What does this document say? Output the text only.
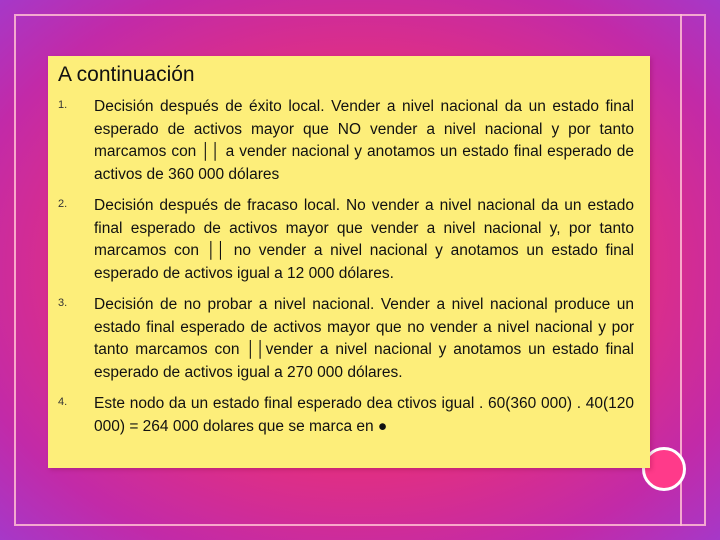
A continuación
1. Decisión después de éxito local. Vender a nivel nacional da un estado final esperado de activos mayor que NO vender a nivel nacional y por tanto marcamos con ││ a vender nacional y anotamos un estado final esperado de activos de 360 000 dólares

2. Decisión después de fracaso local. No vender a nivel nacional da un estado final esperado de activos mayor que vender a nivel nacional y, por tanto marcamos con ││ no vender a nivel nacional y anotamos un estado final esperado de activos igual a 12 000 dólares.

3. Decisión de no probar a nivel nacional. Vender a nivel nacional produce un estado final esperado de activos mayor que no vender a nivel nacional y por tanto marcamos con ││vender a nivel nacional y anotamos un estado final esperado de activos igual a 270 000 dólares.

4. Este nodo da un estado final esperado dea ctivos igual . 60(360 000) . 40(120 000) = 264 000 dolares que se marca en ●
